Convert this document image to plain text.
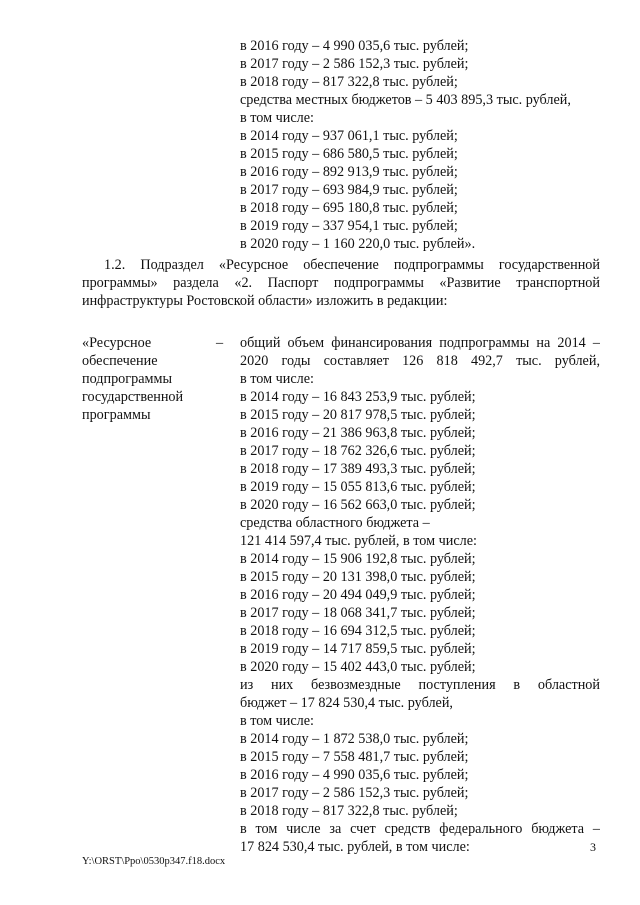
в 2016 году – 4 990 035,6 тыс. рублей;
в 2017 году – 2 586 152,3 тыс. рублей;
в 2018 году – 817 322,8 тыс. рублей;
средства местных бюджетов – 5 403 895,3 тыс. рублей,
в том числе:
в 2014 году – 937 061,1 тыс. рублей;
в 2015 году – 686 580,5 тыс. рублей;
в 2016 году – 892 913,9 тыс. рублей;
в 2017 году – 693 984,9 тыс. рублей;
в 2018 году – 695 180,8 тыс. рублей;
в 2019 году – 337 954,1 тыс. рублей;
в 2020 году – 1 160 220,0 тыс. рублей».
1.2. Подраздел «Ресурсное обеспечение подпрограммы государственной
программы» раздела «2. Паспорт подпрограммы «Развитие транспортной
инфраструктуры Ростовской области» изложить в редакции:
«Ресурсное
обеспечение
подпрограммы
государственной
программы
– общий объем финансирования подпрограммы на 2014 –
2020 годы составляет 126 818 492,7 тыс. рублей,
в том числе:
в 2014 году – 16 843 253,9 тыс. рублей;
в 2015 году – 20 817 978,5 тыс. рублей;
в 2016 году – 21 386 963,8 тыс. рублей;
в 2017 году – 18 762 326,6 тыс. рублей;
в 2018 году – 17 389 493,3 тыс. рублей;
в 2019 году – 15 055 813,6 тыс. рублей;
в 2020 году – 16 562 663,0 тыс. рублей;
средства областного бюджета –
121 414 597,4 тыс. рублей, в том числе:
в 2014 году – 15 906 192,8 тыс. рублей;
в 2015 году – 20 131 398,0 тыс. рублей;
в 2016 году – 20 494 049,9 тыс. рублей;
в 2017 году – 18 068 341,7 тыс. рублей;
в 2018 году – 16 694 312,5 тыс. рублей;
в 2019 году – 14 717 859,5 тыс. рублей;
в 2020 году – 15 402 443,0 тыс. рублей;
из них безвозмездные поступления в областной
бюджет – 17 824 530,4 тыс. рублей,
в том числе:
в 2014 году – 1 872 538,0 тыс. рублей;
в 2015 году – 7 558 481,7 тыс. рублей;
в 2016 году – 4 990 035,6 тыс. рублей;
в 2017 году – 2 586 152,3 тыс. рублей;
в 2018 году – 817 322,8 тыс. рублей;
в том числе за счет средств федерального бюджета –
17 824 530,4 тыс. рублей, в том числе:	3
Y:\ORST\Ppo\0530p347.f18.docx
